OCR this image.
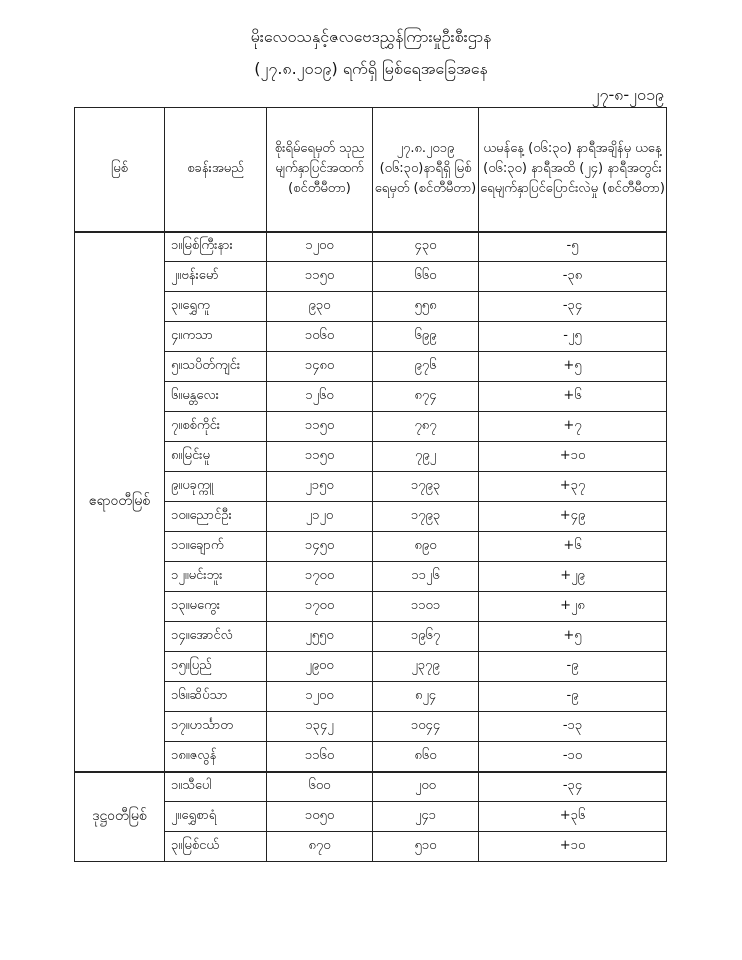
မိုးလေဝသနှင့်ဇလဗေဒညွှန်ကြားမှုဦးစီးဌာန
(၂၇.၈.၂၀၁၉) ရက်ရှိ မြစ်ရေအခြေအနေ
၂၇-၈-၂၀၁၉
မြစ်	စခန်းအမည်	စိုးရိမ်ရေမှတ် သုညမျက်နှာပြင်အထက် (စင်တီမီတာ)	၂၇.၈.၂၀၁၉ (၀၆:၃၀)နာရီရှိ မြစ်ရေမှတ် (စင်တီမီတာ)	ယမန်နေ့ (၀၆:၃၀) နာရီအချိန်မှ ယနေ့ (၀၆:၃၀) နာရီအထိ (၂၄) နာရီအတွင်း ရေမျက်နှာပြင်ပြောင်းလဲမှု (စင်တီမီတာ)
ဧရာဝတီမြစ်	၁။မြစ်ကြီးနား	၁၂၀၀	၄၃၀	-၅
	၂။ဗန်းမော်	၁၁၅၀	၆၆၀	-၃၈
	၃။ရွှေကူ	၉၃၀	၅၅၈	-၃၄
	၄။ကသာ	၁၀၆၀	၆၉၉	-၂၅
	၅။သပိတ်ကျင်း	၁၄၈၀	၉၇၆	+၅
	၆။မန္တလေး	၁၂၆၀	၈၇၄	+၆
	၇။စစ်ကိုင်း	၁၁၅၀	၇၈၇	+၇
	၈။မြင်းမူ	၁၁၅၀	၇၉၂	+၁၀
	၉။ပခုက္ကူ	၂၁၅၀	၁၇၉၃	+၃၇
	၁၀။ညောင်ဦး	၂၁၂၀	၁၇၉၃	+၄၉
	၁၁။ချောက်	၁၄၅၀	၈၉၀	+၆
	၁၂။မင်းဘူး	၁၇၀၀	၁၁၂၆	+၂၉
	၁၃။မကွေး	၁၇၀၀	၁၁၀၁	+၂၈
	၁၄။အောင်လံ	၂၅၅၀	၁၉၆၇	+၅
	၁၅။ပြည်	၂၉၀၀	၂၃၇၉	-၉
	၁၆။ဆိပ်သာ	၁၂၀၀	၈၂၄	-၉
	၁၇။ဟင်္သာတ	၁၃၄၂	၁၀၄၄	-၁၃
	၁၈။ဇလွန်	၁၁၆၀	၈၆၀	-၁၀
ဒုဋ္ဌဝတီမြစ်	၁။သီပေါ	၆၀၀	၂၀၀	-၃၄
	၂။ရွှေစာရံ	၁၀၅၀	၂၄၁	+၃၆
	၃။မြစ်ငယ်	၈၇၀	၅၁၀	+၁၀
